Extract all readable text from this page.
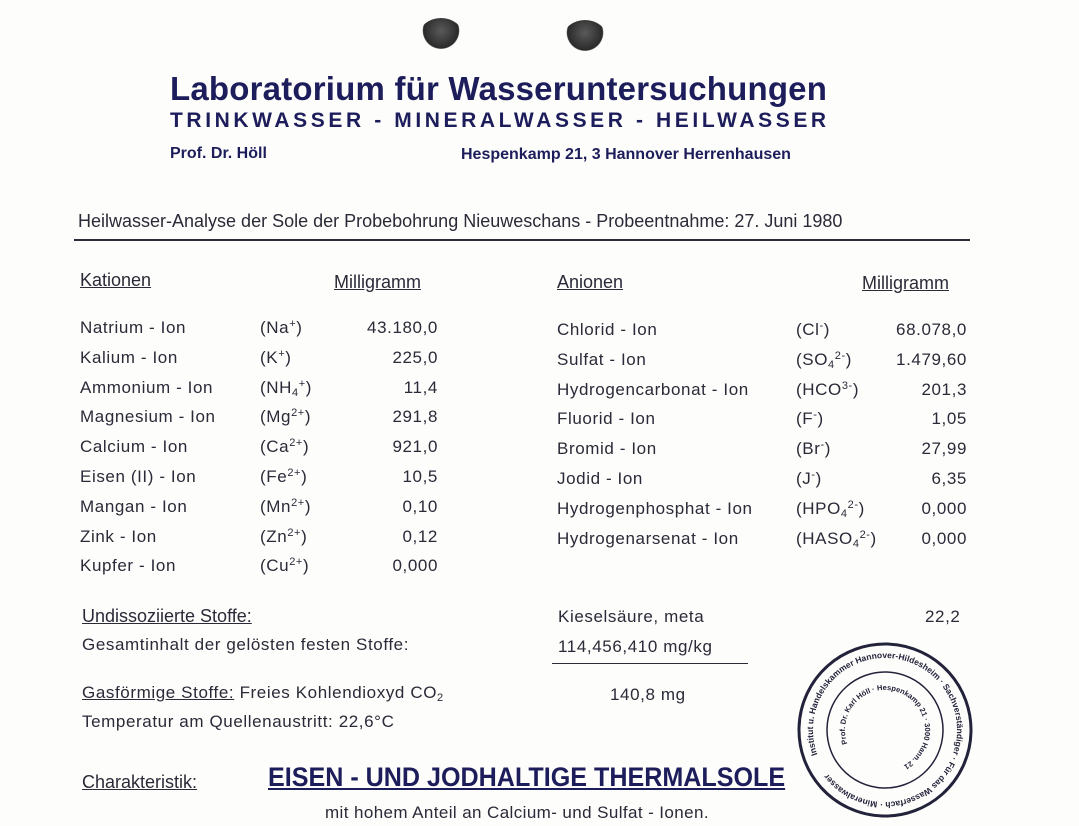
Laboratorium für Wasseruntersuchungen
TRINKWASSER - MINERALWASSER - HEILWASSER
Prof. Dr. Höll	Hespenkamp 21, 3 Hannover Herrenhausen
Heilwasser-Analyse der Sole der Probebohrung Nieuweschans - Probeentnahme: 27. Juni 1980
Kationen	Milligramm	Anionen	Milligramm
Natrium - Ion	(Na+)	43.180,0
Kalium - Ion	(K+)	225,0
Ammonium - Ion	$(NH_4^+)$	11,4
Magnesium - Ion	$(Mg^{2+})$	291,8
Calcium - Ion	$(Ca^{2+})$	921,0
Eisen (II) - Ion	$(Fe^{2+})$	10,5
Mangan - Ion	$(Mn^{2+})$	0,10
Zink - Ion	$(Zn^{2+})$	0,12
Kupfer - Ion	$(Cu^{2+})$	0,000
Chlorid - Ion	(Cl-)	68.078,0
Sulfat - Ion	$(SO_4^{2-})$	1.479,60
Hydrogencarbonat - Ion	$(HCO^{3-})$	201,3
Fluorid - Ion	(F-)	1,05
Bromid - Ion	(Br-)	27,99
Jodid - Ion	(J-)	6,35
Hydrogenphosphat - Ion	$(HPO_4^{2-})$	0,000
Hydrogenarsenat - Ion	$(HASO_4^{2-})$	0,000
Undissoziierte Stoffe:	Kieselsäure, meta	22,2
Gesamtinhalt der gelösten festen Stoffe:	114,456,410 mg/kg
Gasförmige Stoffe: Freies Kohlendioxyd $CO_2$	140,8 mg
Temperatur am Quellenaustritt: 22,6°C
Charakteristik:	EISEN - UND JODHALTIGE THERMALSOLE
mit hohem Anteil an Calcium- und Sulfat - Ionen.
Institut u. Handelskammer Hannover-Hildesheim · Sachverständiger · Für das Wasserfach · Mineralwasser
Prof. Dr. Karl Höll · Hespenkamp 21 · 3000 Hann. 21
